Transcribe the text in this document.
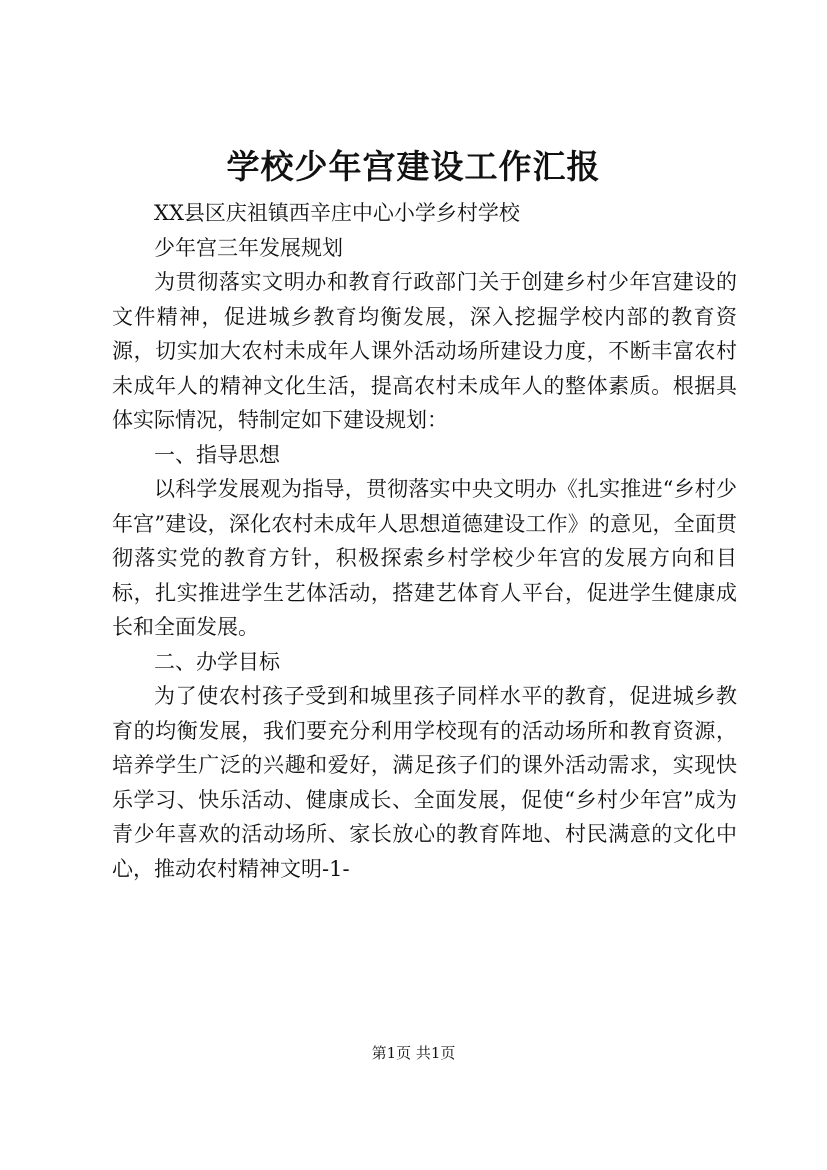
学校少年宫建设工作汇报

XX县区庆祖镇西辛庄中心小学乡村学校

少年宫三年发展规划

为贯彻落实文明办和教育行政部门关于创建乡村少年宫建设的文件精神，促进城乡教育均衡发展，深入挖掘学校内部的教育资源，切实加大农村未成年人课外活动场所建设力度，不断丰富农村未成年人的精神文化生活，提高农村未成年人的整体素质。根据具体实际情况，特制定如下建设规划：

一、指导思想

以科学发展观为指导，贯彻落实中央文明办《扎实推进“乡村少年宫”建设，深化农村未成年人思想道德建设工作》的意见，全面贯彻落实党的教育方针，积极探索乡村学校少年宫的发展方向和目标，扎实推进学生艺体活动，搭建艺体育人平台，促进学生健康成长和全面发展。

二、办学目标

为了使农村孩子受到和城里孩子同样水平的教育，促进城乡教育的均衡发展，我们要充分利用学校现有的活动场所和教育资源，培养学生广泛的兴趣和爱好，满足孩子们的课外活动需求，实现快乐学习、快乐活动、健康成长、全面发展，促使“乡村少年宫”成为青少年喜欢的活动场所、家长放心的教育阵地、村民满意的文化中心，推动农村精神文明-1-

第1页 共1页
